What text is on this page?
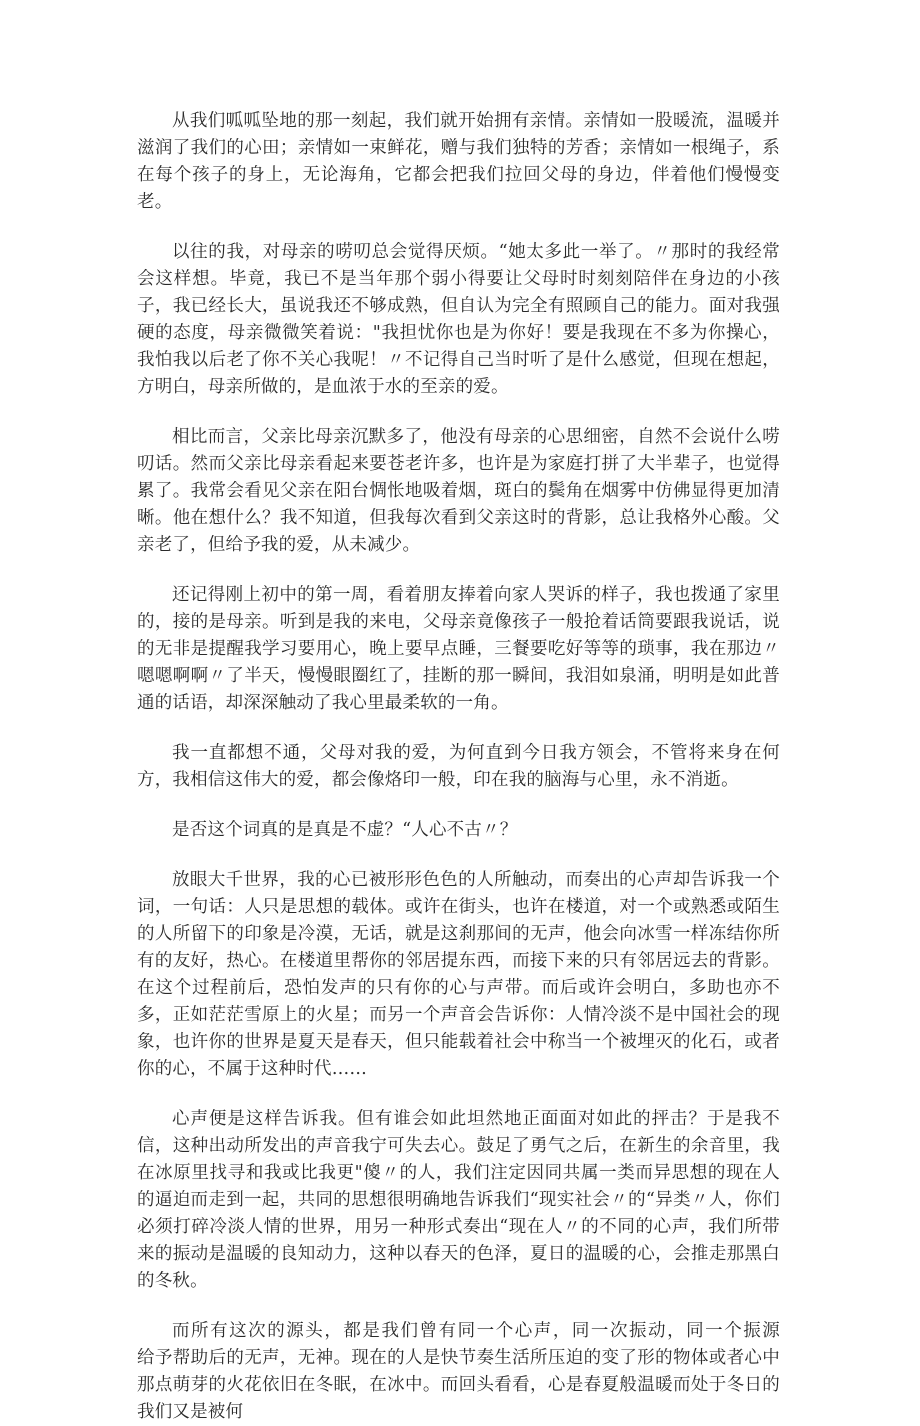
从我们呱呱坠地的那一刻起，我们就开始拥有亲情。亲情如一股暖流，温暖并滋润了我们的心田；亲情如一束鲜花，赠与我们独特的芳香；亲情如一根绳子，系在每个孩子的身上，无论海角，它都会把我们拉回父母的身边，伴着他们慢慢变老。

以往的我，对母亲的唠叨总会觉得厌烦。“她太多此一举了。〃那时的我经常会这样想。毕竟，我已不是当年那个弱小得要让父母时时刻刻陪伴在身边的小孩子，我已经长大，虽说我还不够成熟，但自认为完全有照顾自己的能力。面对我强硬的态度，母亲微微笑着说："我担忧你也是为你好！要是我现在不多为你操心，我怕我以后老了你不关心我呢！〃不记得自己当时听了是什么感觉，但现在想起，方明白，母亲所做的，是血浓于水的至亲的爱。

相比而言，父亲比母亲沉默多了，他没有母亲的心思细密，自然不会说什么唠叨话。然而父亲比母亲看起来要苍老许多，也许是为家庭打拼了大半辈子，也觉得累了。我常会看见父亲在阳台惆怅地吸着烟，斑白的鬓角在烟雾中仿佛显得更加清晰。他在想什么？我不知道，但我每次看到父亲这时的背影，总让我格外心酸。父亲老了，但给予我的爱，从未减少。

还记得刚上初中的第一周，看着朋友捧着向家人哭诉的样子，我也拨通了家里的，接的是母亲。听到是我的来电，父母亲竟像孩子一般抢着话筒要跟我说话，说的无非是提醒我学习要用心，晚上要早点睡，三餐要吃好等等的琐事，我在那边〃嗯嗯啊啊〃了半天，慢慢眼圈红了，挂断的那一瞬间，我泪如泉涌，明明是如此普通的话语，却深深触动了我心里最柔软的一角。

我一直都想不通，父母对我的爱，为何直到今日我方领会，不管将来身在何方，我相信这伟大的爱，都会像烙印一般，印在我的脑海与心里，永不消逝。

是否这个词真的是真是不虚？“人心不古〃？

放眼大千世界，我的心已被形形色色的人所触动，而奏出的心声却告诉我一个词，一句话：人只是思想的载体。或许在街头，也许在楼道，对一个或熟悉或陌生的人所留下的印象是冷漠，无话，就是这刹那间的无声，他会向冰雪一样冻结你所有的友好，热心。在楼道里帮你的邻居提东西，而接下来的只有邻居远去的背影。在这个过程前后，恐怕发声的只有你的心与声带。而后或许会明白，多助也亦不多，正如茫茫雪原上的火星；而另一个声音会告诉你：人情冷淡不是中国社会的现象，也许你的世界是夏天是春天，但只能载着社会中称当一个被埋灭的化石，或者你的心，不属于这种时代……

心声便是这样告诉我。但有谁会如此坦然地正面面对如此的抨击？于是我不信，这种出动所发出的声音我宁可失去心。鼓足了勇气之后，在新生的余音里，我在冰原里找寻和我或比我更"傻〃的人，我们注定因同共属一类而异思想的现在人的逼迫而走到一起，共同的思想很明确地告诉我们“现实社会〃的“异类〃人，你们必须打碎冷淡人情的世界，用另一种形式奏出“现在人〃的不同的心声，我们所带来的振动是温暖的良知动力，这种以春天的色泽，夏日的温暖的心，会推走那黑白的冬秋。

而所有这次的源头，都是我们曾有同一个心声，同一次振动，同一个振源　　给予帮助后的无声，无神。现在的人是快节奏生活所压迫的变了形的物体或者心中那点萌芽的火花依旧在冬眠，在冰中。而回头看看，心是春夏般温暖而处于冬日的我们又是被何
